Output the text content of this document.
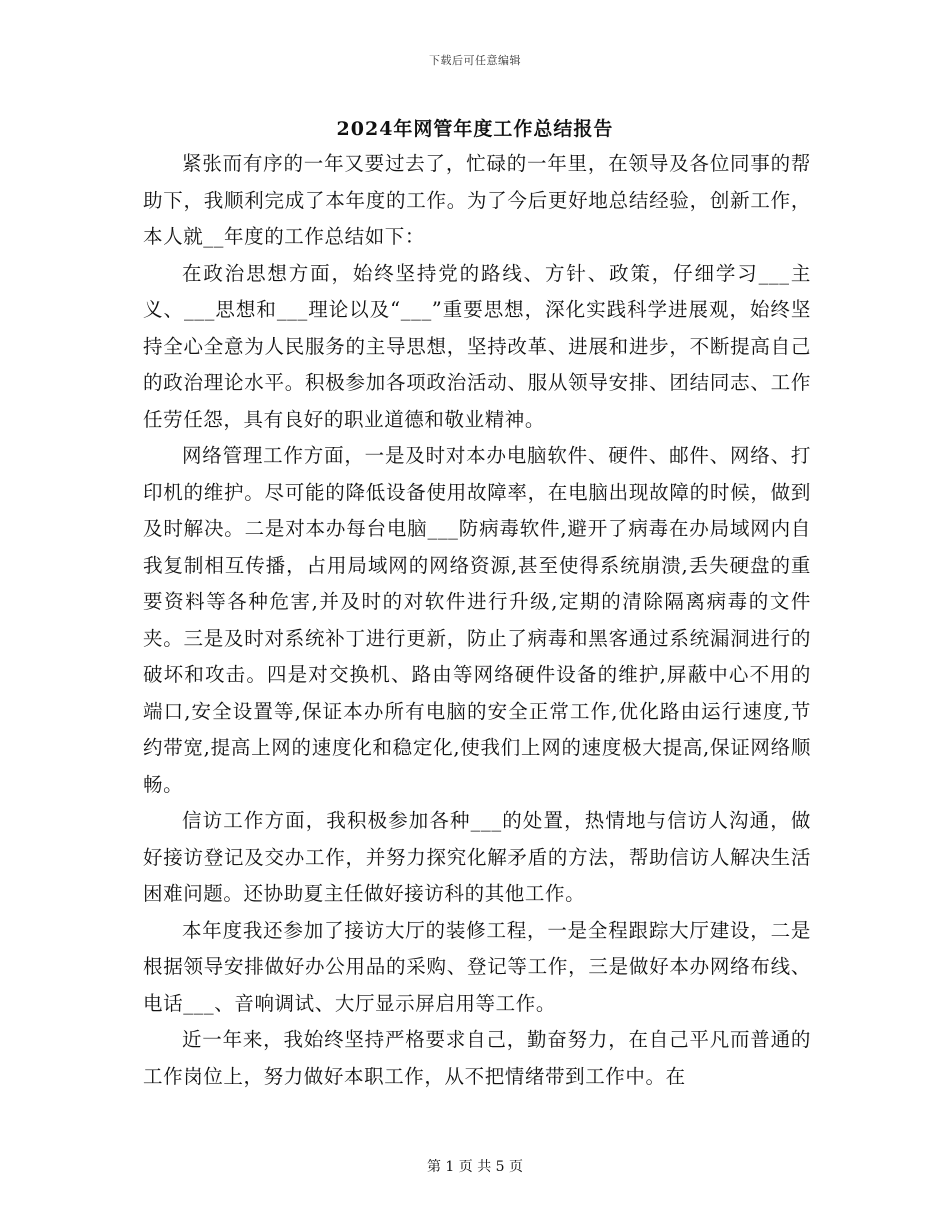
下载后可任意编辑
2024年网管年度工作总结报告

紧张而有序的一年又要过去了，忙碌的一年里，在领导及各位同事的帮助下，我顺利完成了本年度的工作。为了今后更好地总结经验，创新工作，本人就__年度的工作总结如下：

在政治思想方面，始终坚持党的路线、方针、政策，仔细学习___主义、___思想和___理论以及“___”重要思想，深化实践科学进展观，始终坚持全心全意为人民服务的主导思想，坚持改革、进展和进步，不断提高自己的政治理论水平。积极参加各项政治活动、服从领导安排、团结同志、工作任劳任怨，具有良好的职业道德和敬业精神。

网络管理工作方面，一是及时对本办电脑软件、硬件、邮件、网络、打印机的维护。尽可能的降低设备使用故障率，在电脑出现故障的时候，做到及时解决。二是对本办每台电脑___防病毒软件,避开了病毒在办局域网内自我复制相互传播，占用局域网的网络资源,甚至使得系统崩溃,丢失硬盘的重要资料等各种危害,并及时的对软件进行升级,定期的清除隔离病毒的文件夹。三是及时对系统补丁进行更新，防止了病毒和黑客通过系统漏洞进行的破坏和攻击。四是对交换机、路由等网络硬件设备的维护,屏蔽中心不用的端口,安全设置等,保证本办所有电脑的安全正常工作,优化路由运行速度,节约带宽,提高上网的速度化和稳定化,使我们上网的速度极大提高,保证网络顺畅。

信访工作方面，我积极参加各种___的处置，热情地与信访人沟通，做好接访登记及交办工作，并努力探究化解矛盾的方法，帮助信访人解决生活困难问题。还协助夏主任做好接访科的其他工作。

本年度我还参加了接访大厅的装修工程，一是全程跟踪大厅建设，二是根据领导安排做好办公用品的采购、登记等工作，三是做好本办网络布线、电话___、音响调试、大厅显示屏启用等工作。

近一年来，我始终坚持严格要求自己，勤奋努力，在自己平凡而普通的工作岗位上，努力做好本职工作，从不把情绪带到工作中。在

第 1 页 共 5 页
